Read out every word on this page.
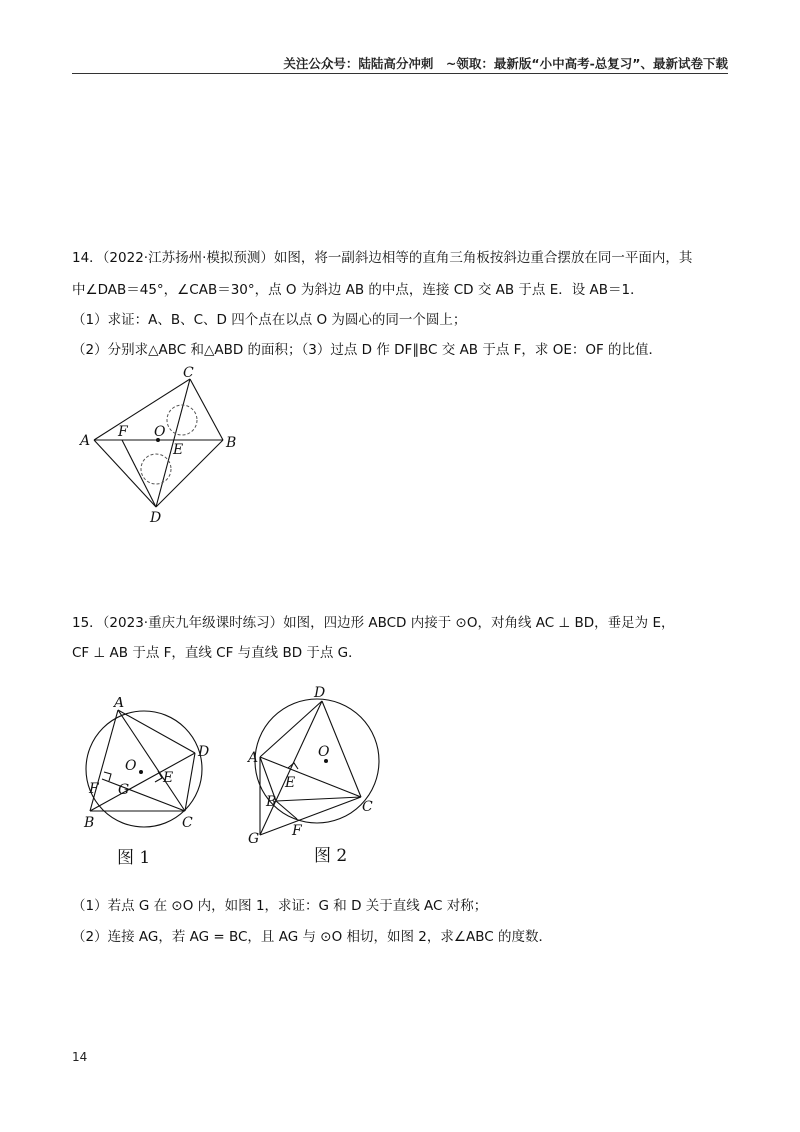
关注公众号：陆陆高分冲刺　~领取：最新版“小中高考-总复习”、最新试卷下载
14．（2022·江苏扬州·模拟预测）如图，将一副斜边相等的直角三角板按斜边重合摆放在同一平面内，其
中∠DAB＝45°，∠CAB＝30°，点 O 为斜边 AB 的中点，连接 CD 交 AB 于点 E．设 AB＝1．
（1）求证：A、B、C、D 四个点在以点 O 为圆心的同一个圆上；
（2）分别求△ABC 和△ABD 的面积；（3）过点 D 作 DF∥BC 交 AB 于点 F，求 OE：OF 的比值．
A	B
C
D
E
F O
15．（2023·重庆九年级课时练习）如图，四边形 ABCD 内接于 ⊙O，对角线 AC ⊥ BD，垂足为 E，
CF ⊥ AB 于点 F，直线 CF 与直线 BD 于点 G．
A
B	C
D
E
F G
O
图 1
A
B	C
D
E
F
G
O
图 2
（1）若点 G 在 ⊙O 内，如图 1，求证：G 和 D 关于直线 AC 对称；
（2）连接 AG，若 AG = BC，且 AG 与 ⊙O 相切，如图 2，求∠ABC 的度数．
14
